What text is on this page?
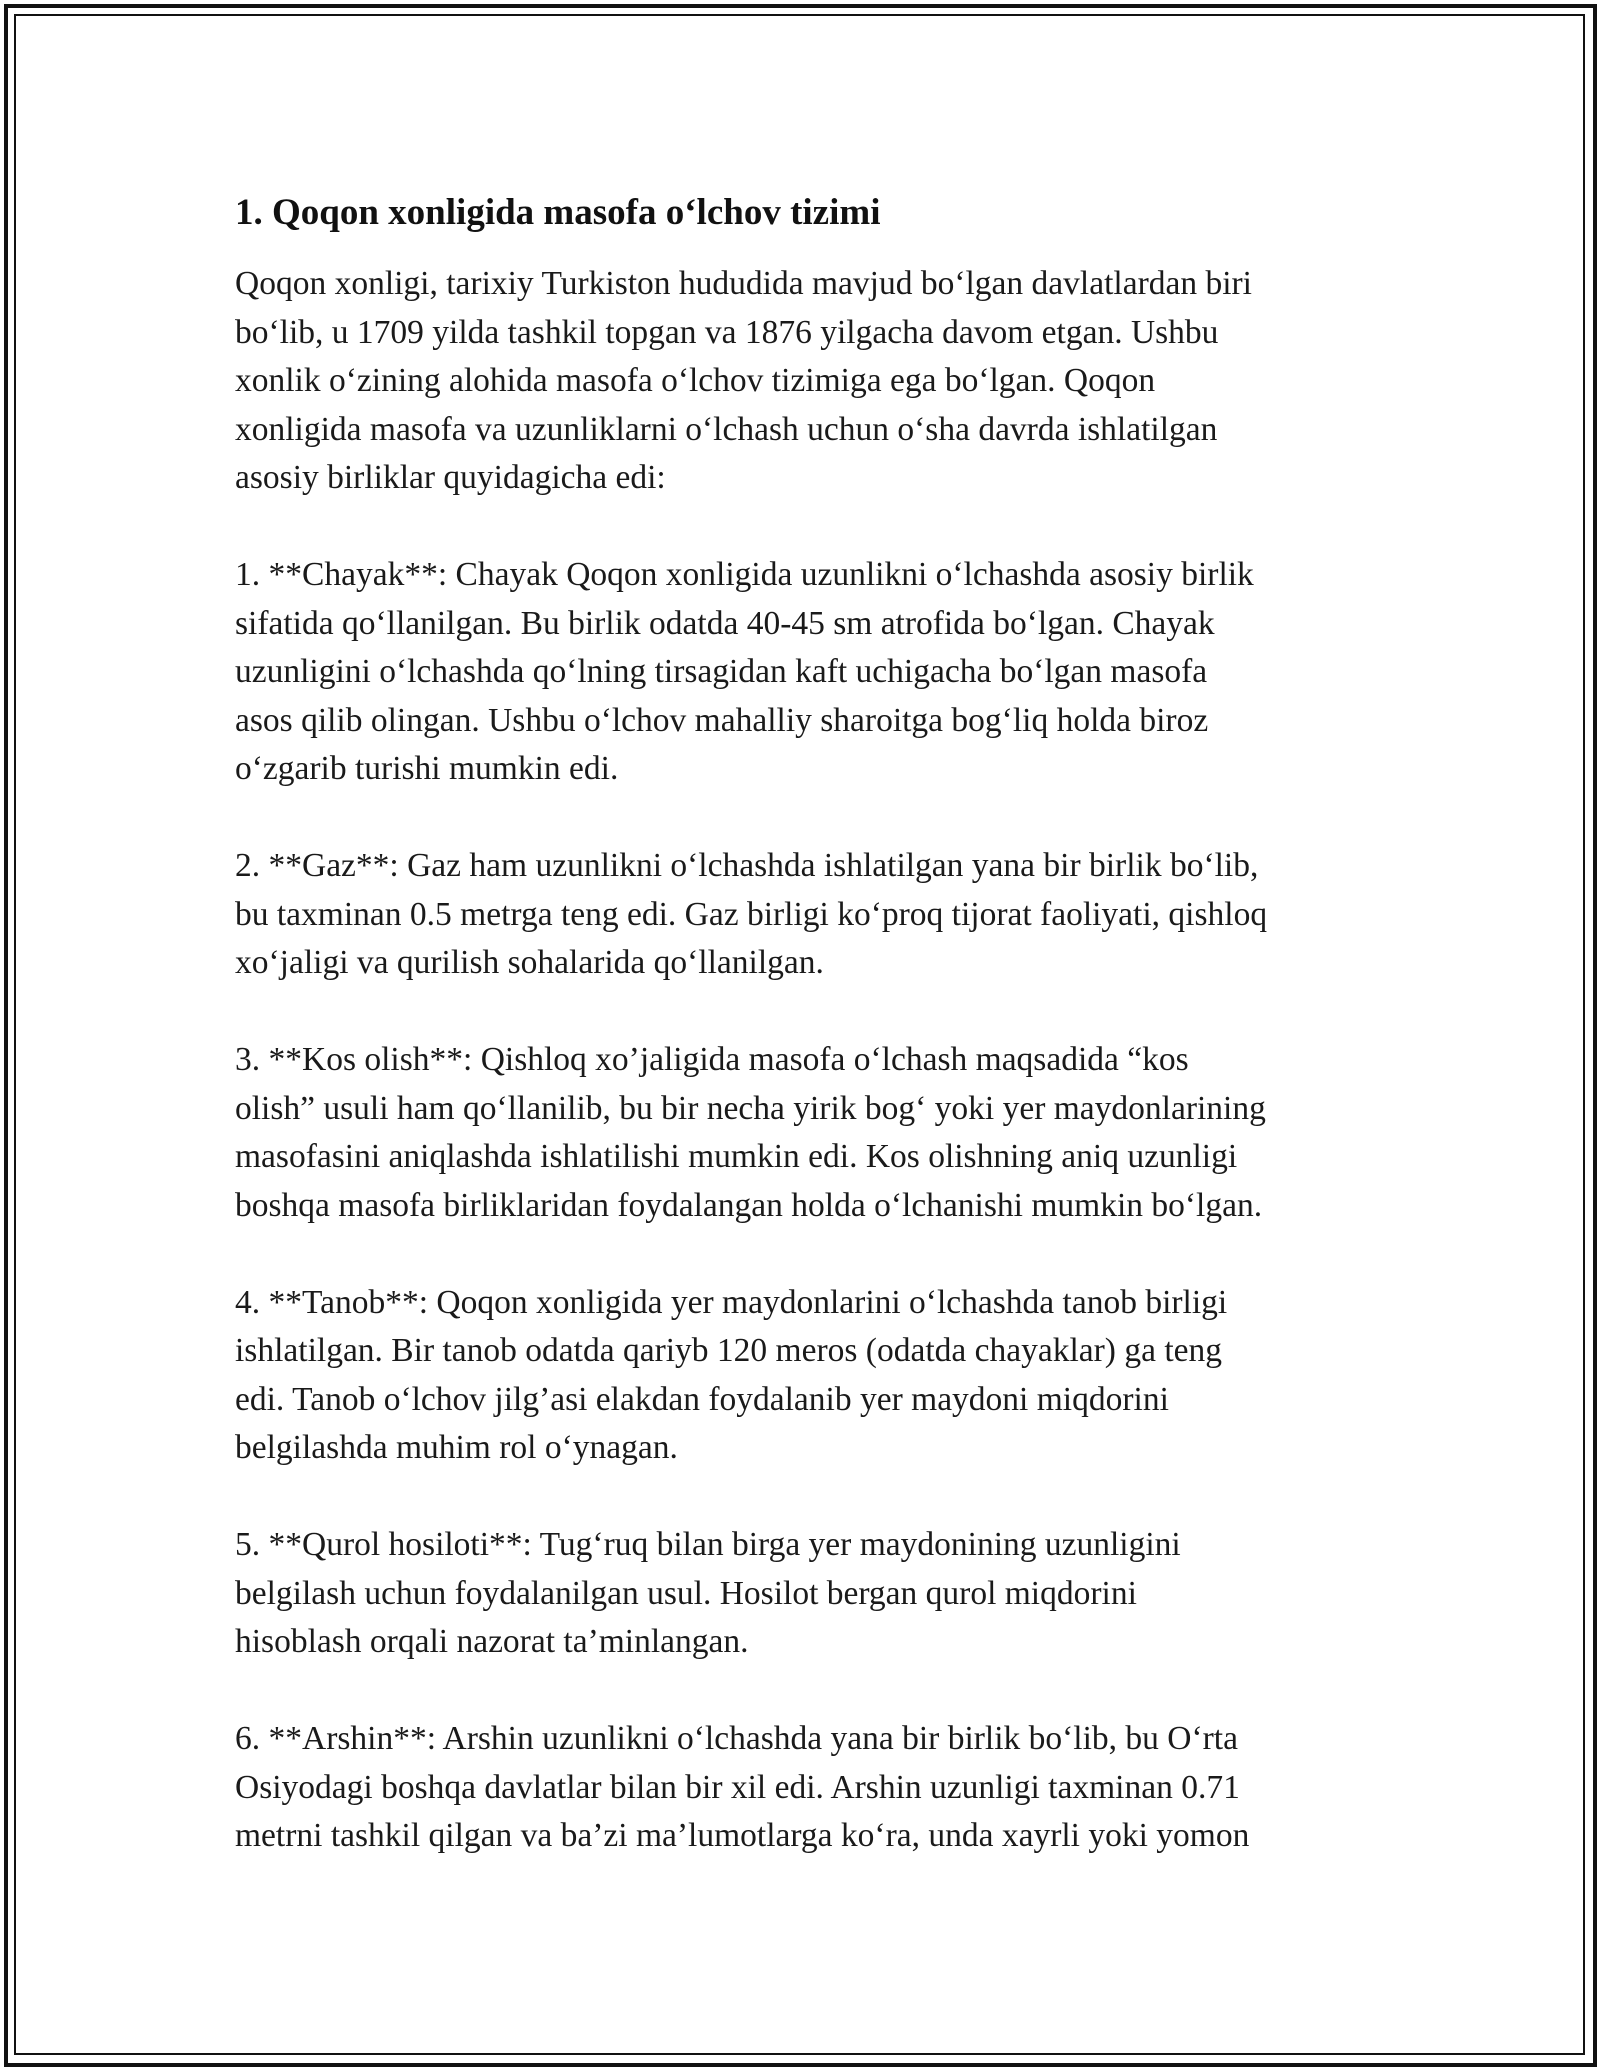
1. Qoqon xonligida masofa o‘lchov tizimi
Qoqon xonligi, tarixiy Turkiston hududida mavjud bo‘lgan davlatlardan biri
bo‘lib, u 1709 yilda tashkil topgan va 1876 yilgacha davom etgan. Ushbu
xonlik o‘zining alohida masofa o‘lchov tizimiga ega bo‘lgan. Qoqon
xonligida masofa va uzunliklarni o‘lchash uchun o‘sha davrda ishlatilgan
asosiy birliklar quyidagicha edi:
1. **Chayak**: Chayak Qoqon xonligida uzunlikni o‘lchashda asosiy birlik
sifatida qo‘llanilgan. Bu birlik odatda 40-45 sm atrofida bo‘lgan. Chayak
uzunligini o‘lchashda qo‘lning tirsagidan kaft uchigacha bo‘lgan masofa
asos qilib olingan. Ushbu o‘lchov mahalliy sharoitga bog‘liq holda biroz
o‘zgarib turishi mumkin edi.
2. **Gaz**: Gaz ham uzunlikni o‘lchashda ishlatilgan yana bir birlik bo‘lib,
bu taxminan 0.5 metrga teng edi. Gaz birligi ko‘proq tijorat faoliyati, qishloq
xo‘jaligi va qurilish sohalarida qo‘llanilgan.
3. **Kos olish**: Qishloq xo’jaligida masofa o‘lchash maqsadida “kos
olish” usuli ham qo‘llanilib, bu bir necha yirik bog‘ yoki yer maydonlarining
masofasini aniqlashda ishlatilishi mumkin edi. Kos olishning aniq uzunligi
boshqa masofa birliklaridan foydalangan holda o‘lchanishi mumkin bo‘lgan.
4. **Tanob**: Qoqon xonligida yer maydonlarini o‘lchashda tanob birligi
ishlatilgan. Bir tanob odatda qariyb 120 meros (odatda chayaklar) ga teng
edi. Tanob o‘lchov jilg’asi elakdan foydalanib yer maydoni miqdorini
belgilashda muhim rol o‘ynagan.
5. **Qurol hosiloti**: Tug‘ruq bilan birga yer maydonining uzunligini
belgilash uchun foydalanilgan usul. Hosilot bergan qurol miqdorini
hisoblash orqali nazorat ta’minlangan.
6. **Arshin**: Arshin uzunlikni o‘lchashda yana bir birlik bo‘lib, bu O‘rta
Osiyodagi boshqa davlatlar bilan bir xil edi. Arshin uzunligi taxminan 0.71
metrni tashkil qilgan va ba’zi ma’lumotlarga ko‘ra, unda xayrli yoki yomon
